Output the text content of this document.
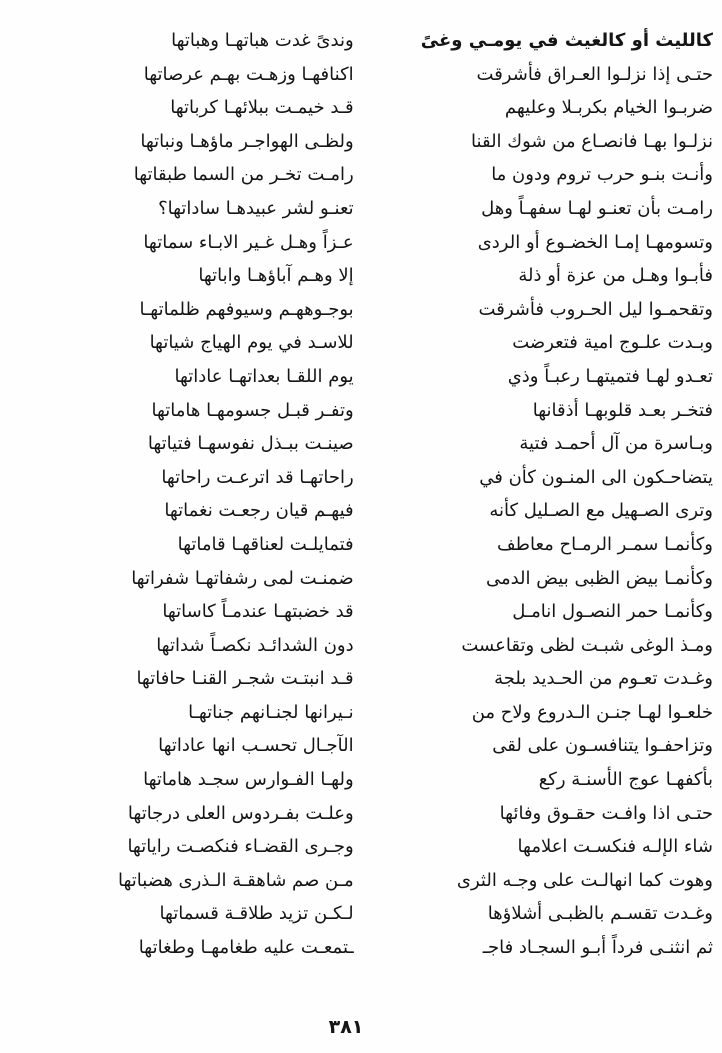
كالليث أو كالغيث في يومـي وغىً
وندىً غدت هباتهـا وهباتها
حتـى إذا نزلـوا العـراق فأشرقت
اكنافهـا وزهـت بهـم عرصاتها
ضربـوا الخيام بكربـلا وعليهم
قـد خيمـت ببلائهـا كرباتها
نزلـوا بهـا فانصـاع من شوك القنا
ولظـى الهواجـر ماؤهـا ونباتها
وأنـت بنـو حرب تروم ودون ما
رامـت تخـر من السما طبقاتها
رامـت بأن تعنـو لهـا سفهـاً وهل
تعنـو لشر عبيدهـا ساداتها؟
وتسومهـا إمـا الخضـوع أو الردى
عـزاً وهـل غـير الابـاء سماتها
فأبـوا وهـل من عزة أو ذلة
إلا وهـم آباؤهـا واباتها
وتقحمـوا ليل الحـروب فأشرقت
بوجـوههـم وسيوفهم ظلماتهـا
وبـدت علـوج امية فتعرضت
للاسـد في يوم الهياج شياتها
تعـدو لهـا فتميتهـا رعبـاً وذي
يوم اللقـا بعداتهـا عاداتها
فتخـر بعـد قلوبهـا أذقانها
وتفـر قبـل جسومهـا هاماتها
وبـاسرة من آل أحمـد فتية
صينـت ببـذل نفوسهـا فتياتها
يتضاحـكون الى المنـون كأن في
راحاتهـا قد اترعـت راحاتها
وترى الصـهيل مع الصـليل كأنه
فيهـم قيان رجعـت نغماتها
وكأنمـا سمـر الرمـاح معاطف
فتمايلـت لعناقهـا قاماتها
وكأنمـا بيض الظبى بيض الدمى
ضمنـت لمى رشفاتهـا شفراتها
وكأنمـا حمر النصـول انامـل
قد خضبتهـا عندمـاً كاساتها
ومـذ الوغى شبـت لظى وتقاعست
دون الشدائـد نكصـاً شداتها
وغـدت تعـوم من الحـديد بلجة
قـد انبتـت شجـر القنـا حافاتها
خلعـوا لهـا جنـن الـدروع ولاح من
نـيرانها لجنـانهم جناتهـا
وتزاحفـوا يتنافسـون على لقى
الآجـال تحسـب انها عاداتها
بأكفهـا عوج الأسنـة ركع
ولهـا الفـوارس سجـد هاماتها
حتـى اذا وافـت حقـوق وفائها
وعلـت بفـردوس العلى درجاتها
شاء الإلـه فنكسـت اعلامها
وجـرى القضـاء فنكصـت راياتها
وهوت كما انهالـت على وجـه الثرى
مـن صم شاهقـة الـذرى هضباتها
وغـدت تقسـم بالظبـى أشلاؤها
لـكـن تزيد طلاقـة قسماتها
ثم انثنـى فرداً أبـو السجـاد فاجـ
ـتمعـت عليه طغامهـا وطغاتها
٣٨١
